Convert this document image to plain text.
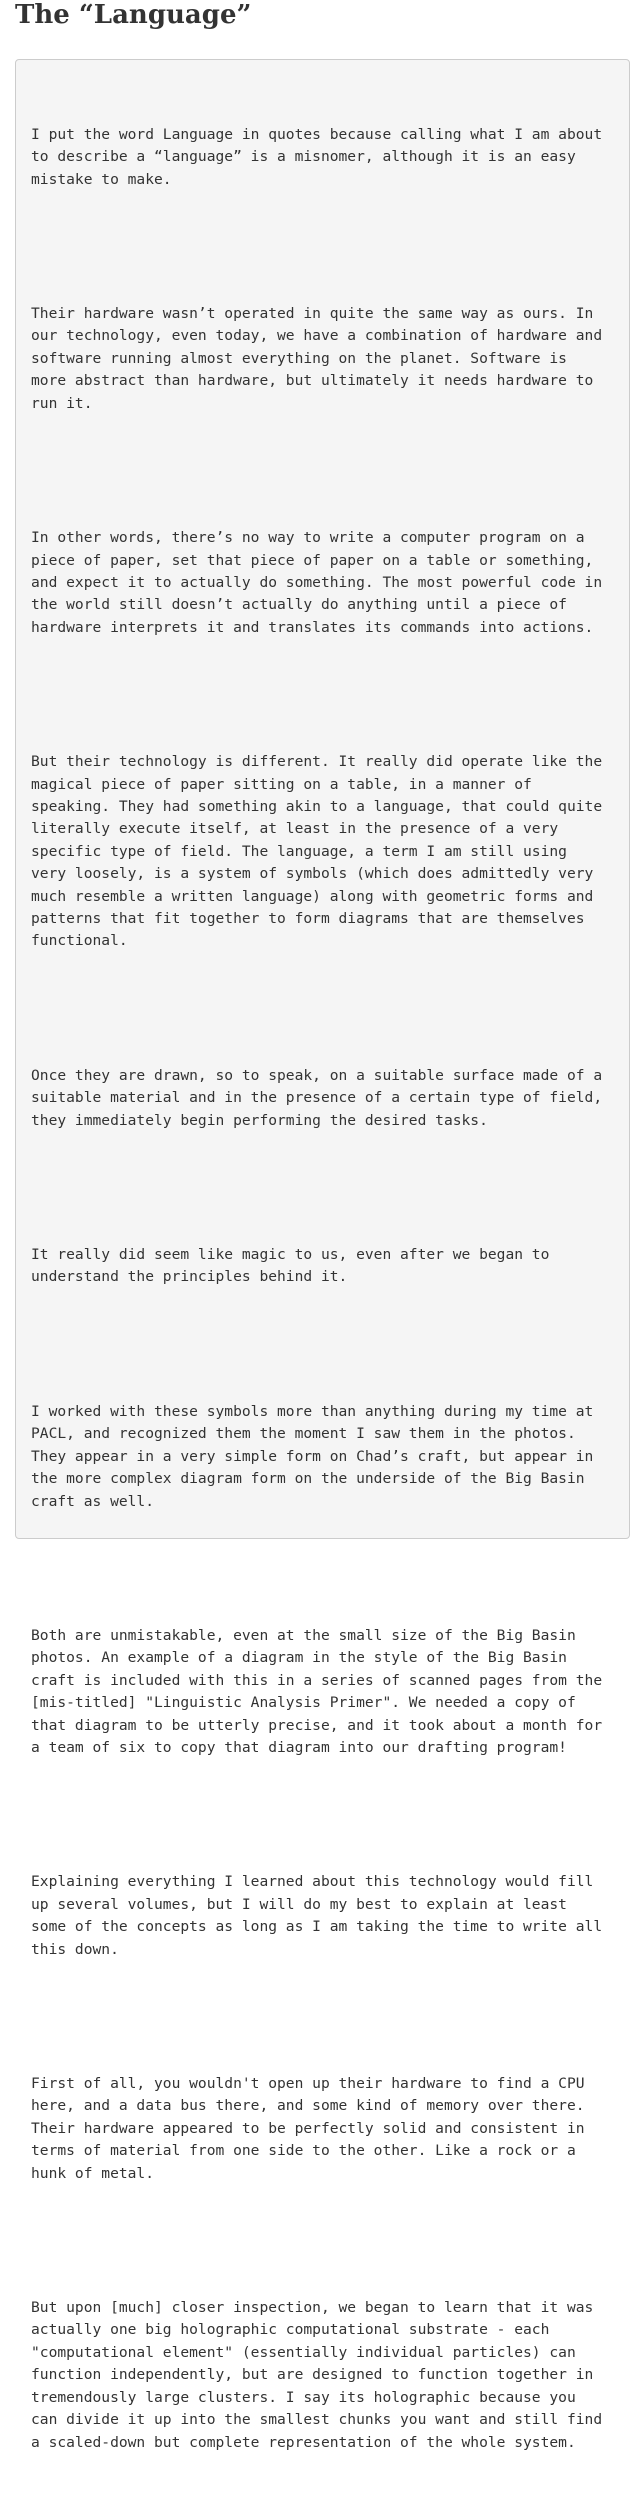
The “Language”

I put the word Language in quotes because calling what I am about
to describe a “language” is a misnomer, although it is an easy
mistake to make.

Their hardware wasn’t operated in quite the same way as ours. In
our technology, even today, we have a combination of hardware and
software running almost everything on the planet. Software is
more abstract than hardware, but ultimately it needs hardware to
run it.

In other words, there’s no way to write a computer program on a
piece of paper, set that piece of paper on a table or something,
and expect it to actually do something. The most powerful code in
the world still doesn’t actually do anything until a piece of
hardware interprets it and translates its commands into actions.

But their technology is different. It really did operate like the
magical piece of paper sitting on a table, in a manner of
speaking. They had something akin to a language, that could quite
literally execute itself, at least in the presence of a very
specific type of field. The language, a term I am still using
very loosely, is a system of symbols (which does admittedly very
much resemble a written language) along with geometric forms and
patterns that fit together to form diagrams that are themselves
functional.

Once they are drawn, so to speak, on a suitable surface made of a
suitable material and in the presence of a certain type of field,
they immediately begin performing the desired tasks.

It really did seem like magic to us, even after we began to
understand the principles behind it.

I worked with these symbols more than anything during my time at
PACL, and recognized them the moment I saw them in the photos.
They appear in a very simple form on Chad’s craft, but appear in
the more complex diagram form on the underside of the Big Basin
craft as well.

Both are unmistakable, even at the small size of the Big Basin
photos. An example of a diagram in the style of the Big Basin
craft is included with this in a series of scanned pages from the
[mis-titled] "Linguistic Analysis Primer". We needed a copy of
that diagram to be utterly precise, and it took about a month for
a team of six to copy that diagram into our drafting program!

Explaining everything I learned about this technology would fill
up several volumes, but I will do my best to explain at least
some of the concepts as long as I am taking the time to write all
this down.

First of all, you wouldn't open up their hardware to find a CPU
here, and a data bus there, and some kind of memory over there.
Their hardware appeared to be perfectly solid and consistent in
terms of material from one side to the other. Like a rock or a
hunk of metal.

But upon [much] closer inspection, we began to learn that it was
actually one big holographic computational substrate - each
"computational element" (essentially individual particles) can
function independently, but are designed to function together in
tremendously large clusters. I say its holographic because you
can divide it up into the smallest chunks you want and still find
a scaled-down but complete representation of the whole system.
